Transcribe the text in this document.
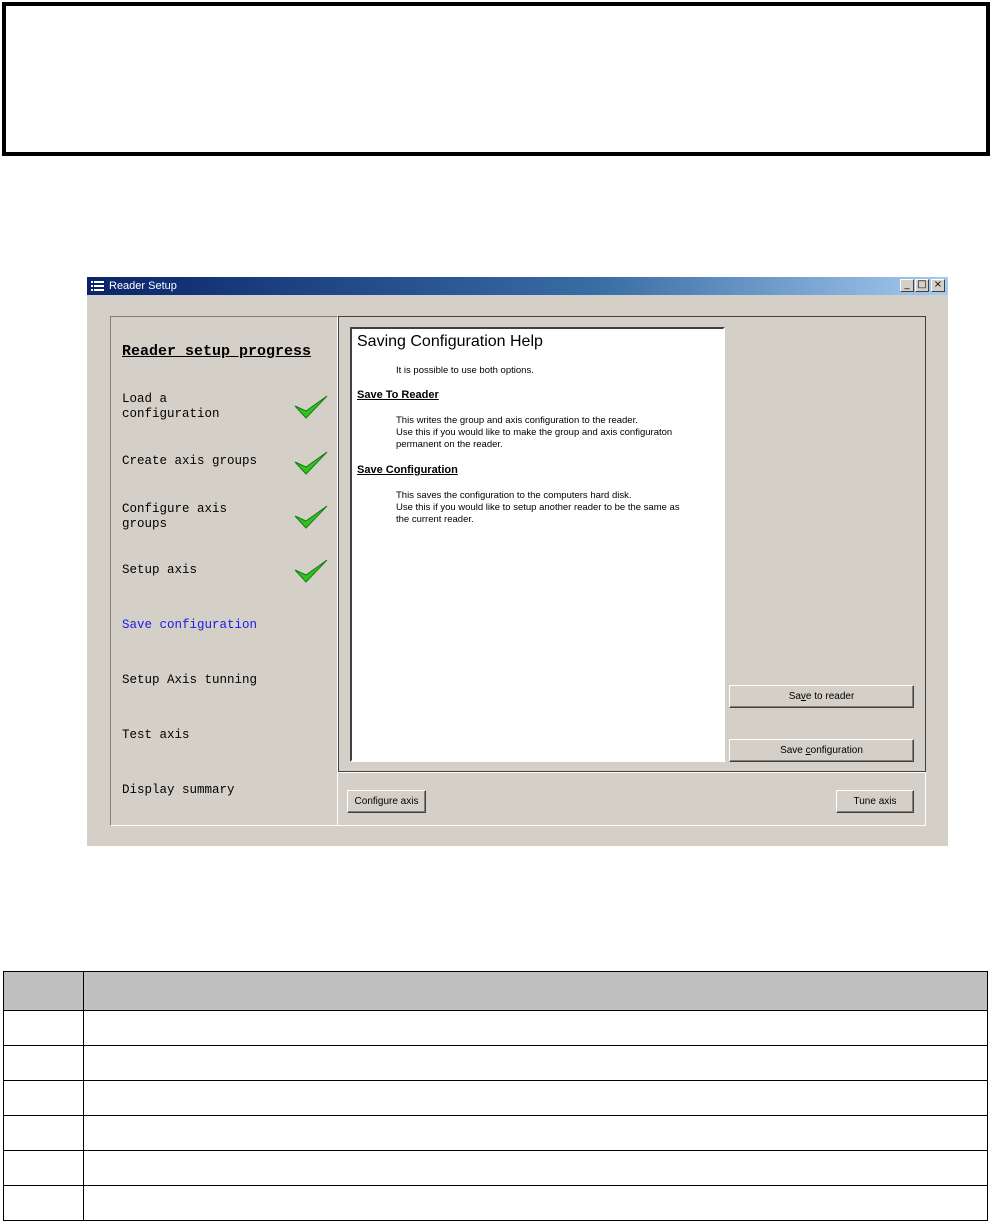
Reader Setup	_ □ ×
Reader setup progress
Load a
configuration
Create axis groups
Configure axis
groups
Setup axis
Save configuration
Setup Axis tunning
Test axis
Display summary
Saving Configuration Help
It is possible to use both options.
Save To Reader
This writes the group and axis configuration to the reader.
Use this if you would like to make the group and axis configuraton
permanent on the reader.
Save Configuration
This saves the configuration to the computers hard disk.
Use this if you would like to setup another reader to be the same as
the current reader.
Save to reader
Save configuration
Configure axis	Tune axis
